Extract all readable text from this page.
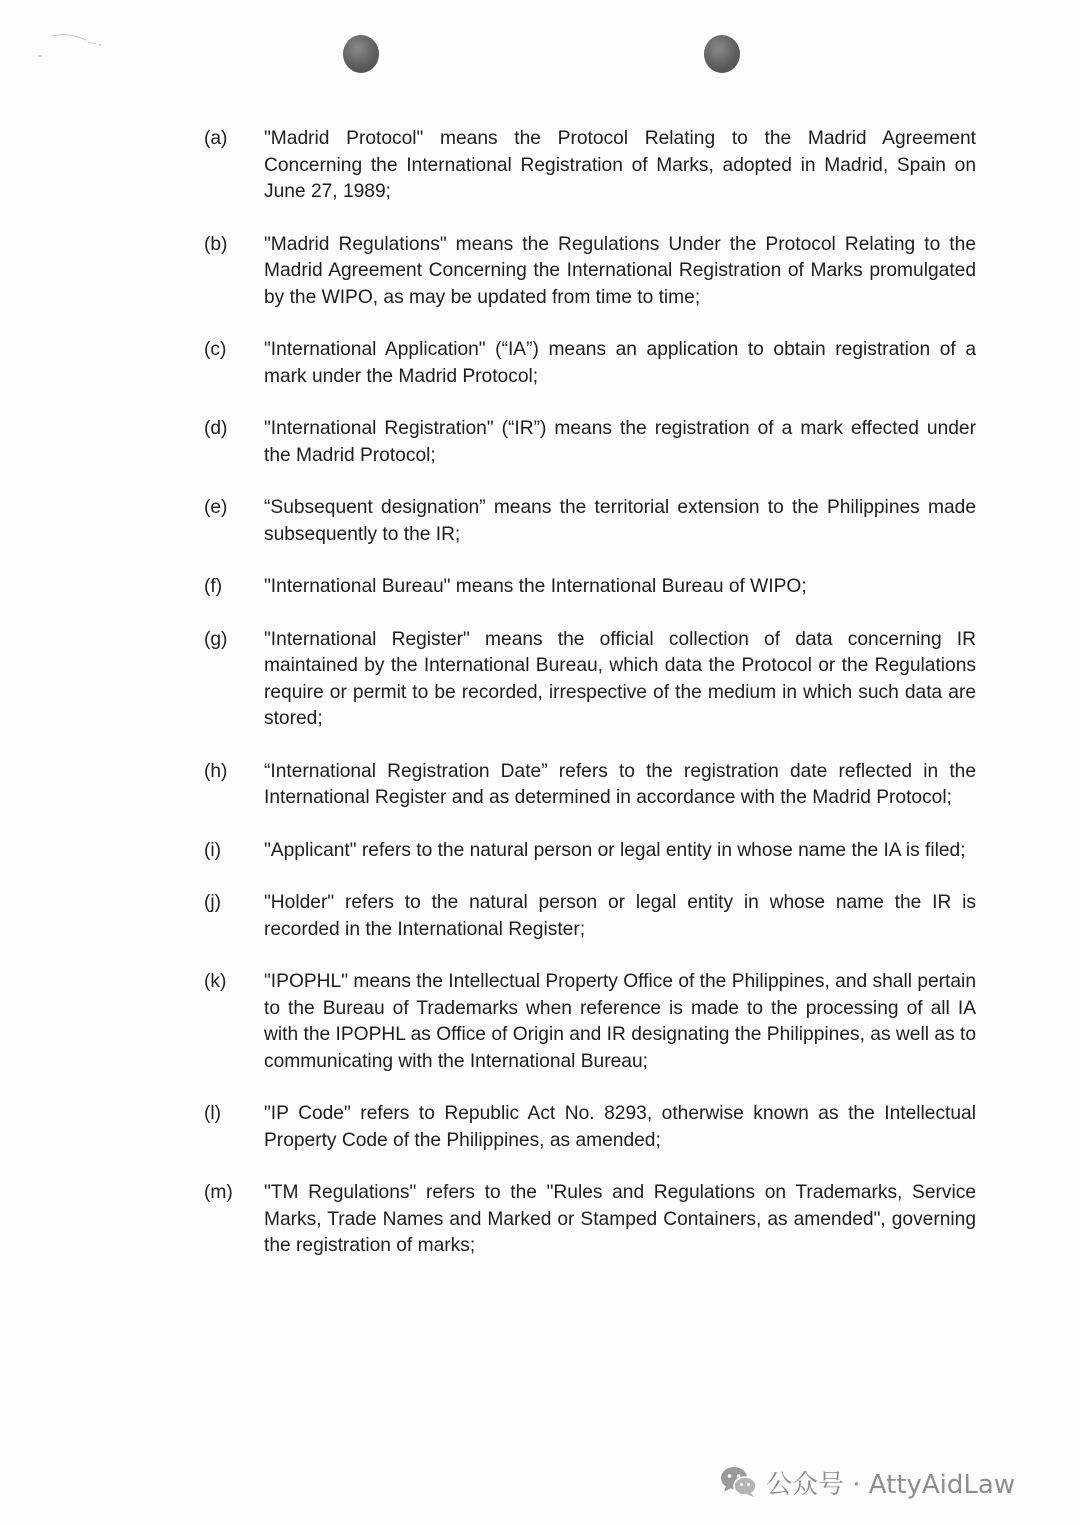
(a) "Madrid Protocol" means the Protocol Relating to the Madrid Agreement Concerning the International Registration of Marks, adopted in Madrid, Spain on June 27, 1989;
(b) "Madrid Regulations" means the Regulations Under the Protocol Relating to the Madrid Agreement Concerning the International Registration of Marks promulgated by the WIPO, as may be updated from time to time;
(c) "International Application" (“IA”) means an application to obtain registration of a mark under the Madrid Protocol;
(d) "International Registration" (“IR”) means the registration of a mark effected under the Madrid Protocol;
(e) “Subsequent designation” means the territorial extension to the Philippines made subsequently to the IR;
(f) "International Bureau" means the International Bureau of WIPO;
(g) "International Register" means the official collection of data concerning IR maintained by the International Bureau, which data the Protocol or the Regulations require or permit to be recorded, irrespective of the medium in which such data are stored;
(h) “International Registration Date” refers to the registration date reflected in the International Register and as determined in accordance with the Madrid Protocol;
(i) "Applicant" refers to the natural person or legal entity in whose name the IA is filed;
(j) "Holder" refers to the natural person or legal entity in whose name the IR is recorded in the International Register;
(k) "IPOPHL" means the Intellectual Property Office of the Philippines, and shall pertain to the Bureau of Trademarks when reference is made to the processing of all IA with the IPOPHL as Office of Origin and IR designating the Philippines, as well as to communicating with the International Bureau;
(l) "IP Code" refers to Republic Act No. 8293, otherwise known as the Intellectual Property Code of the Philippines, as amended;
(m) "TM Regulations" refers to the "Rules and Regulations on Trademarks, Service Marks, Trade Names and Marked or Stamped Containers, as amended", governing the registration of marks;
公众号 · AttyAidLaw
